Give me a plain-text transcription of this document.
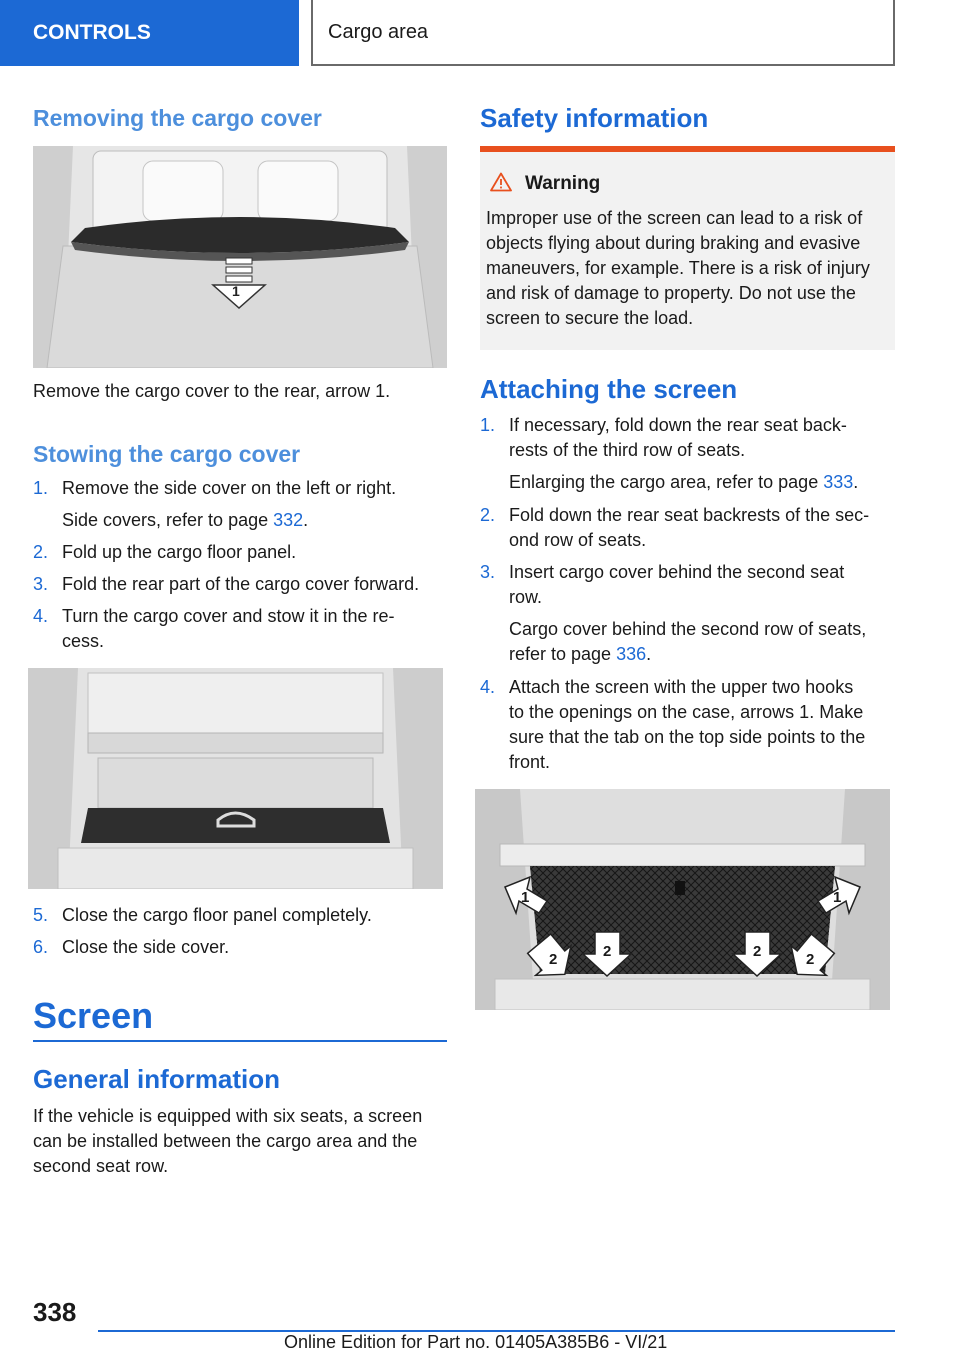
CONTROLS	Cargo area
Removing the cargo cover
1

Remove the cargo cover to the rear, arrow 1.

Stowing the cargo cover
1. Remove the side cover on the left or right.
Side covers, refer to page 332.
2. Fold up the cargo floor panel.
3. Fold the rear part of the cargo cover forward.
4. Turn the cargo cover and stow it in the re-
cess.
5. Close the cargo floor panel completely.
6. Close the side cover.
Screen
General information

If the vehicle is equipped with six seats, a screen

can be installed between the cargo area and the

second seat row.

Safety information
Warning
Improper use of the screen can lead to a risk of
objects flying about during braking and evasive
maneuvers, for example. There is a risk of injury
and risk of damage to property. Do not use the
screen to secure the load.
Attaching the screen
1. If necessary, fold down the rear seat back-
rests of the third row of seats.
Enlarging the cargo area, refer to page 333.
2. Fold down the rear seat backrests of the sec-
ond row of seats.
3. Insert cargo cover behind the second seat
row.
Cargo cover behind the second row of seats,
refer to page 336.
4. Attach the screen with the upper two hooks
to the openings on the case, arrows 1. Make
sure that the tab on the top side points to the
front.
1	1
2	2	2	2
338
Online Edition for Part no. 01405A385B6 - VI/21
